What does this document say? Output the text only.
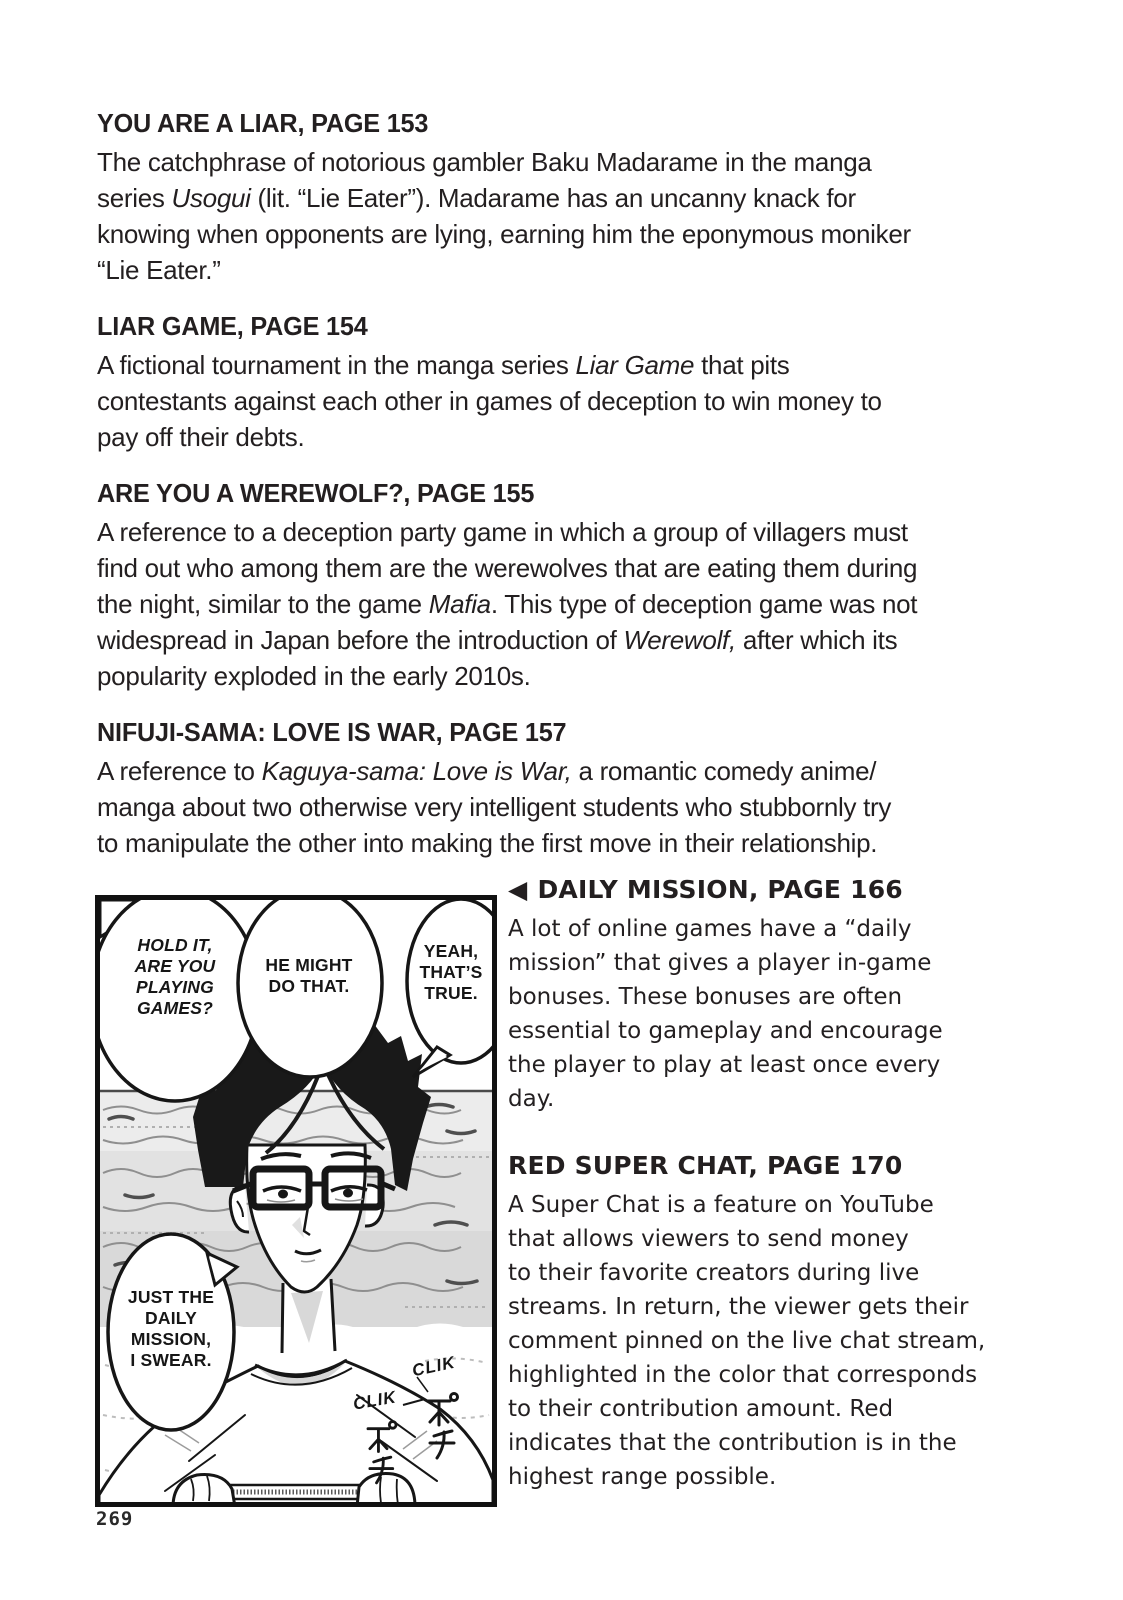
YOU ARE A LIAR, PAGE 153
The catchphrase of notorious gambler Baku Madarame in the manga
series Usogui (lit. “Lie Eater”). Madarame has an uncanny knack for
knowing when opponents are lying, earning him the eponymous moniker
“Lie Eater.”
LIAR GAME, PAGE 154
A fictional tournament in the manga series Liar Game that pits
contestants against each other in games of deception to win money to
pay off their debts.
ARE YOU A WEREWOLF?, PAGE 155
A reference to a deception party game in which a group of villagers must
find out who among them are the werewolves that are eating them during
the night, similar to the game Mafia. This type of deception game was not
widespread in Japan before the introduction of Werewolf, after which its
popularity exploded in the early 2010s.
NIFUJI-SAMA: LOVE IS WAR, PAGE 157
A reference to Kaguya-sama: Love is War, a romantic comedy anime/
manga about two otherwise very intelligent students who stubbornly try
to manipulate the other into making the first move in their relationship.
◀ DAILY MISSION, PAGE 166
A lot of online games have a “daily
mission” that gives a player in-game
bonuses. These bonuses are often
essential to gameplay and encourage
the player to play at least once every
day.
RED SUPER CHAT, PAGE 170
A Super Chat is a feature on YouTube
that allows viewers to send money
to their favorite creators during live
streams. In return, the viewer gets their
comment pinned on the live chat stream,
highlighted in the color that corresponds
to their contribution amount. Red
indicates that the contribution is in the
highest range possible.
HOLD IT,
ARE YOU
PLAYING
GAMES?
HE MIGHT
DO THAT.
YEAH,
THAT’S
TRUE.
JUST THE
DAILY
MISSION,
I SWEAR.	CLIK
CLIK
269
